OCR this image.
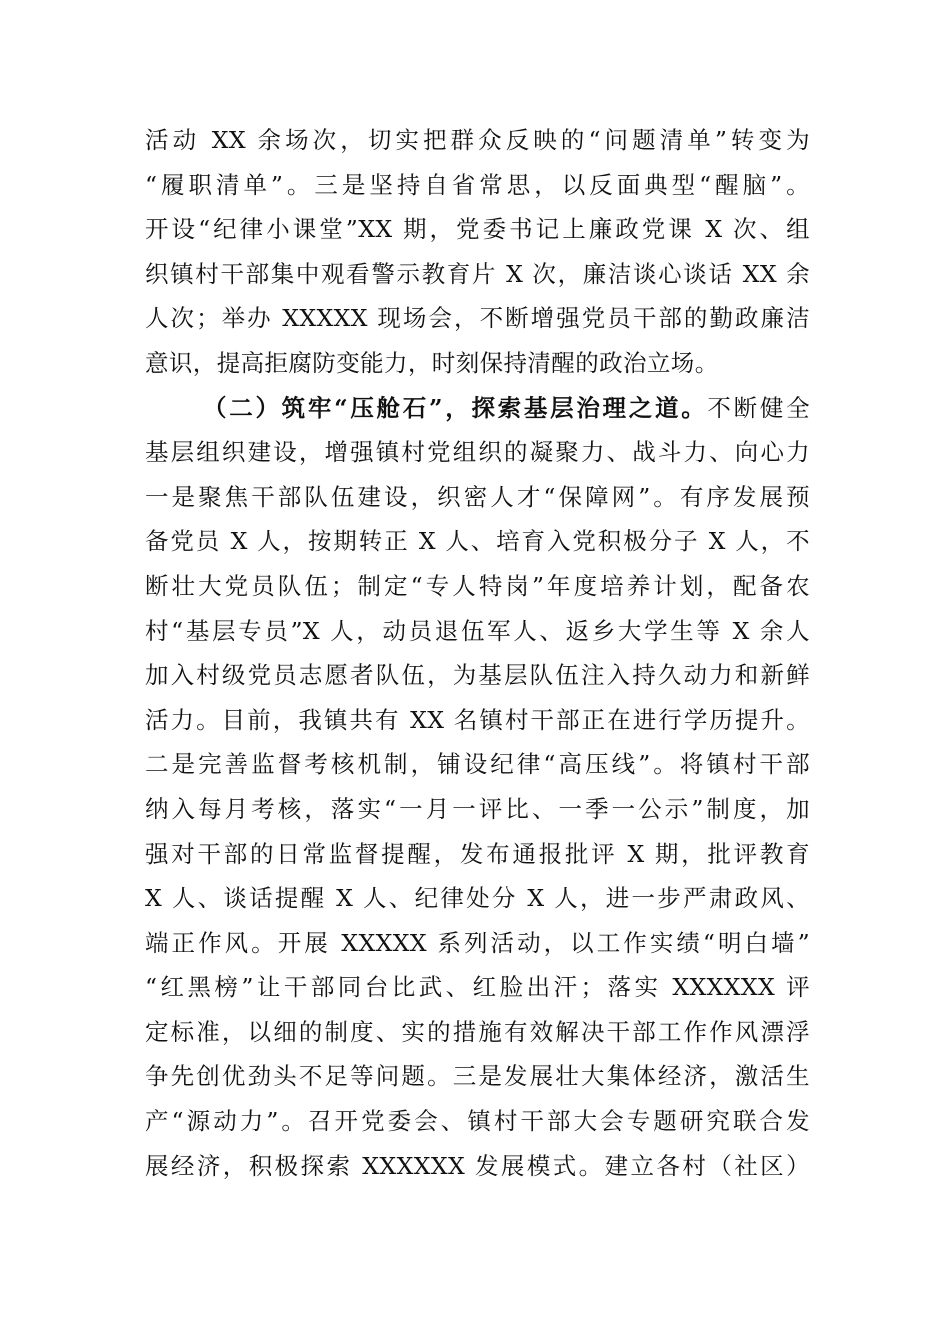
活动 XX 余场次，切实把群众反映的“问题清单”转变为
“履职清单”。三是坚持自省常思，以反面典型“醒脑”。
开设“纪律小课堂”XX 期，党委书记上廉政党课 X 次、组
织镇村干部集中观看警示教育片 X 次，廉洁谈心谈话 XX 余
人次；举办 XXXXX 现场会，不断增强党员干部的勤政廉洁
意识，提高拒腐防变能力，时刻保持清醒的政治立场。
（二）筑牢“压舱石”，探索基层治理之道。不断健全
基层组织建设，增强镇村党组织的凝聚力、战斗力、向心力
一是聚焦干部队伍建设，织密人才“保障网”。有序发展预
备党员 X 人，按期转正 X 人、培育入党积极分子 X 人，不
断壮大党员队伍；制定“专人特岗”年度培养计划，配备农
村“基层专员”X 人，动员退伍军人、返乡大学生等 X 余人
加入村级党员志愿者队伍，为基层队伍注入持久动力和新鲜
活力。目前，我镇共有 XX 名镇村干部正在进行学历提升。
二是完善监督考核机制，铺设纪律“高压线”。将镇村干部
纳入每月考核，落实“一月一评比、一季一公示”制度，加
强对干部的日常监督提醒，发布通报批评 X 期，批评教育
X 人、谈话提醒 X 人、纪律处分 X 人，进一步严肃政风、
端正作风。开展 XXXXX 系列活动，以工作实绩“明白墙”
“红黑榜”让干部同台比武、红脸出汗；落实 XXXXXX 评
定标准，以细的制度、实的措施有效解决干部工作作风漂浮
争先创优劲头不足等问题。三是发展壮大集体经济，激活生
产“源动力”。召开党委会、镇村干部大会专题研究联合发
展经济，积极探索 XXXXXX 发展模式。建立各村（社区）
